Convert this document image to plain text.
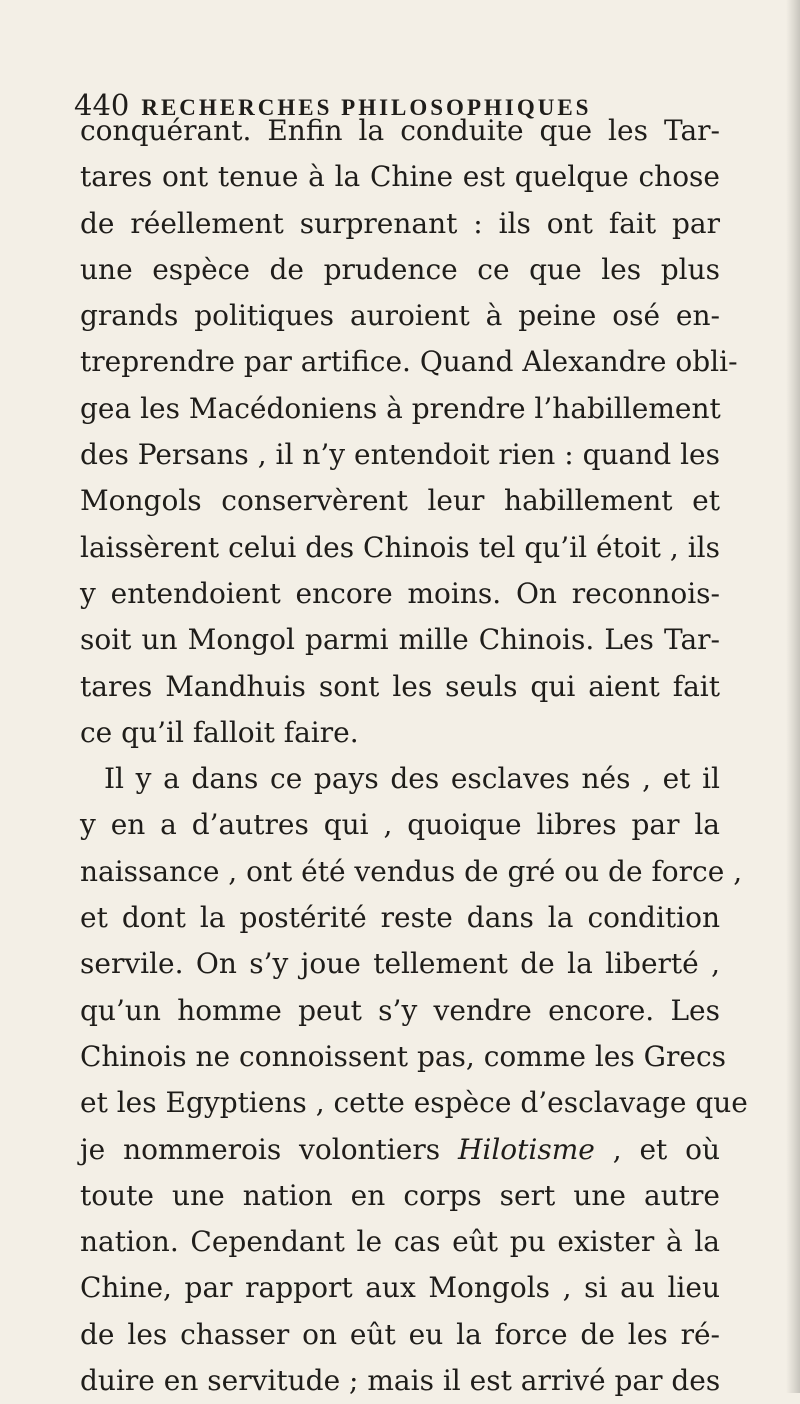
440 RECHERCHES PHILOSOPHIQUES
conquérant. Enfin la conduite que les Tar-
tares ont tenue à la Chine est quelque chose
de réellement surprenant : ils ont fait par
une espèce de prudence ce que les plus
grands politiques auroient à peine osé en-
treprendre par artifice. Quand Alexandre obli-
gea les Macédoniens à prendre l’habillement
des Persans , il n’y entendoit rien : quand les
Mongols conservèrent leur habillement et
laissèrent celui des Chinois tel qu’il étoit , ils
y entendoient encore moins. On reconnois-
soit un Mongol parmi mille Chinois. Les Tar-
tares Mandhuis sont les seuls qui aient fait
ce qu’il falloit faire.
Il y a dans ce pays des esclaves nés , et il
y en a d’autres qui , quoique libres par la
naissance , ont été vendus de gré ou de force ,
et dont la postérité reste dans la condition
servile. On s’y joue tellement de la liberté ,
qu’un homme peut s’y vendre encore. Les
Chinois ne connoissent pas, comme les Grecs
et les Egyptiens , cette espèce d’esclavage que
je nommerois volontiers Hilotisme , et où
toute une nation en corps sert une autre
nation. Cependant le cas eût pu exister à la
Chine, par rapport aux Mongols , si au lieu
de les chasser on eût eu la force de les ré-
duire en servitude ; mais il est arrivé par des
